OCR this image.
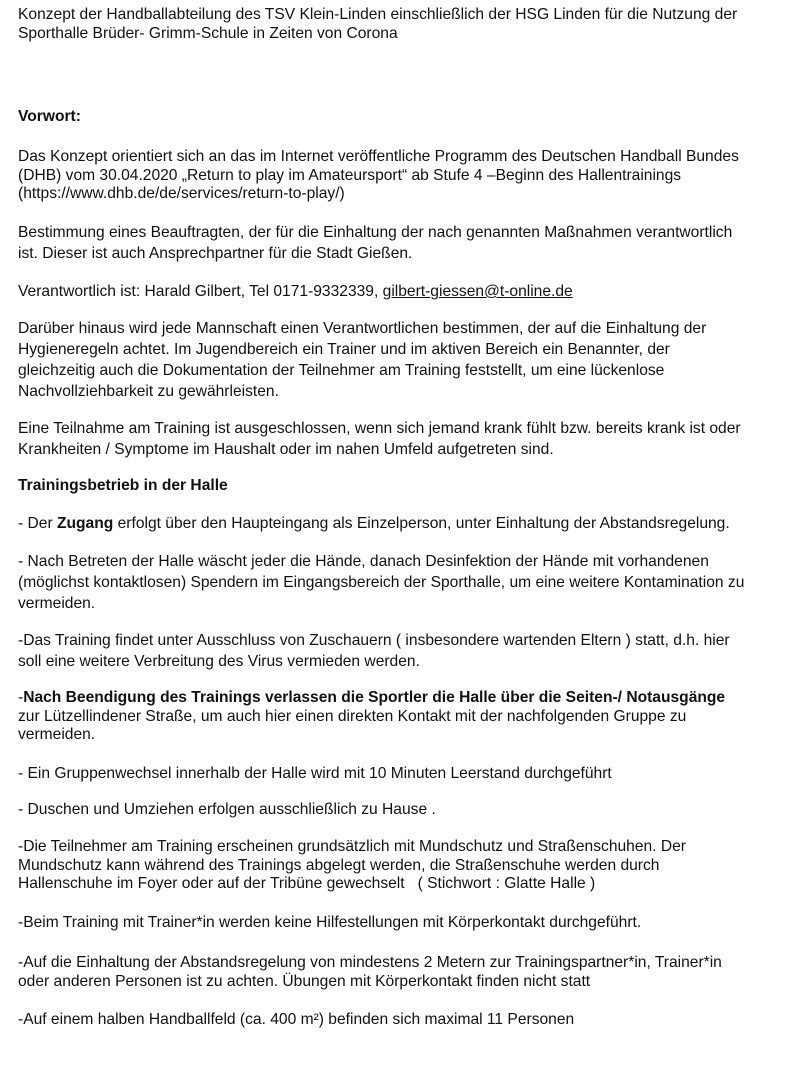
Konzept der Handballabteilung des TSV Klein-Linden einschließlich der HSG Linden für die Nutzung der
Sporthalle Brüder- Grimm-Schule in Zeiten von Corona
Vorwort:
Das Konzept orientiert sich an das im Internet veröffentliche Programm des Deutschen Handball Bundes
(DHB) vom 30.04.2020 „Return to play im Amateursport“ ab Stufe 4 –Beginn des Hallentrainings
(https://www.dhb.de/de/services/return-to-play/)
Bestimmung eines Beauftragten, der für die Einhaltung der nach genannten Maßnahmen verantwortlich
ist. Dieser ist auch Ansprechpartner für die Stadt Gießen.
Verantwortlich ist: Harald Gilbert, Tel 0171-9332339, gilbert-giessen@t-online.de
Darüber hinaus wird jede Mannschaft einen Verantwortlichen bestimmen, der auf die Einhaltung der
Hygieneregeln achtet. Im Jugendbereich ein Trainer und im aktiven Bereich ein Benannter, der
gleichzeitig auch die Dokumentation der Teilnehmer am Training feststellt, um eine lückenlose
Nachvollziehbarkeit zu gewährleisten.
Eine Teilnahme am Training ist ausgeschlossen, wenn sich jemand krank fühlt bzw. bereits krank ist oder
Krankheiten / Symptome im Haushalt oder im nahen Umfeld aufgetreten sind.
Trainingsbetrieb in der Halle
- Der Zugang erfolgt über den Haupteingang als Einzelperson, unter Einhaltung der Abstandsregelung.
- Nach Betreten der Halle wäscht jeder die Hände, danach Desinfektion der Hände mit vorhandenen
(möglichst kontaktlosen) Spendern im Eingangsbereich der Sporthalle, um eine weitere Kontamination zu
vermeiden.
-Das Training findet unter Ausschluss von Zuschauern ( insbesondere wartenden Eltern ) statt, d.h. hier
soll eine weitere Verbreitung des Virus vermieden werden.
-Nach Beendigung des Trainings verlassen die Sportler die Halle über die Seiten-/ Notausgänge
zur Lützellindener Straße, um auch hier einen direkten Kontakt mit der nachfolgenden Gruppe zu
vermeiden.
- Ein Gruppenwechsel innerhalb der Halle wird mit 10 Minuten Leerstand durchgeführt
- Duschen und Umziehen erfolgen ausschließlich zu Hause .
-Die Teilnehmer am Training erscheinen grundsätzlich mit Mundschutz und Straßenschuhen. Der
Mundschutz kann während des Trainings abgelegt werden, die Straßenschuhe werden durch
Hallenschuhe im Foyer oder auf der Tribüne gewechselt   ( Stichwort : Glatte Halle )
-Beim Training mit Trainer*in werden keine Hilfestellungen mit Körperkontakt durchgeführt.
-Auf die Einhaltung der Abstandsregelung von mindestens 2 Metern zur Trainingspartner*in, Trainer*in
oder anderen Personen ist zu achten. Übungen mit Körperkontakt finden nicht statt
-Auf einem halben Handballfeld (ca. 400 m²) befinden sich maximal 11 Personen
